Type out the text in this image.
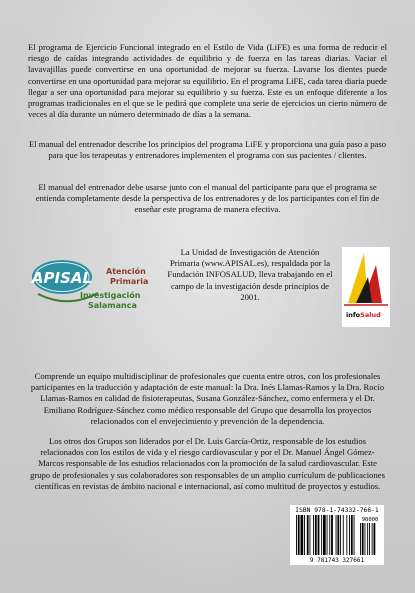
El programa de Ejercicio Funcional integrado en el Estilo de Vida (LiFE) es una forma de reducir el riesgo de caídas integrando actividades de equilibrio y de fuerza en las tareas diarias. Vaciar el lavavajillas puede convertirse en una oportunidad de mejorar su fuerza. Lavarse los dientes puede convertirse en una oportunidad para mejorar su equilibrio. En el programa LiFE, cada tarea diaria puede llegar a ser una oportunidad para mejorar su equilibrio y su fuerza. Este es un enfoque diferente a los programas tradicionales en el que se le pedirá que complete una serie de ejercicios un cierto número de veces al día durante un número determinado de días a la semana.
El manual del entrenador describe los principios del programa LiFE y proporciona una guía paso a paso para que los terapeutas y entrenadores implementen el programa con sus pacientes / clientes.
El manual del entrenador debe usarse junto con el manual del participante para que el programa se entienda completamente desde la perspectiva de los entrenadores y de los participantes con el fin de enseñar este programa de manera efectiva.
APISAL Atención
Primaria
Investigación
Salamanca
La Unidad de Investigación de Atención Primaria (www.APISAL.es), respaldada por la Fundación INFOSALUD, lleva trabajando en el campo de la investigación desde principios de 2001.
infoSalud
Comprende un equipo multidisciplinar de profesionales que cuenta entre otros, con los profesionales participantes en la traducción y adaptación de este manual: la Dra. Inés Llamas-Ramos y la Dra. Rocío Llamas-Ramos en calidad de fisioterapeutas, Susana González-Sánchez, como enfermera y el Dr. Emiliano Rodríguez-Sánchez como médico responsable del Grupo que desarrolla los proyectos relacionados con el envejecimiento y prevención de la dependencia.
Los otros dos Grupos son liderados por el Dr. Luis García-Ortiz, responsable de los estudios relacionados con los estilos de vida y el riesgo cardiovascular y por el Dr. Manuel Ángel Gómez-Marcos responsable de los estudios relacionados con la promoción de la salud cardiovascular. Este grupo de profesionales y sus colaboradores son responsables de un amplio currículum de publicaciones científicas en revistas de ámbito nacional e internacional, así como multitud de proyectos y estudios.
ISBN 978-1-74332-766-1
90000
9 781743 327661
